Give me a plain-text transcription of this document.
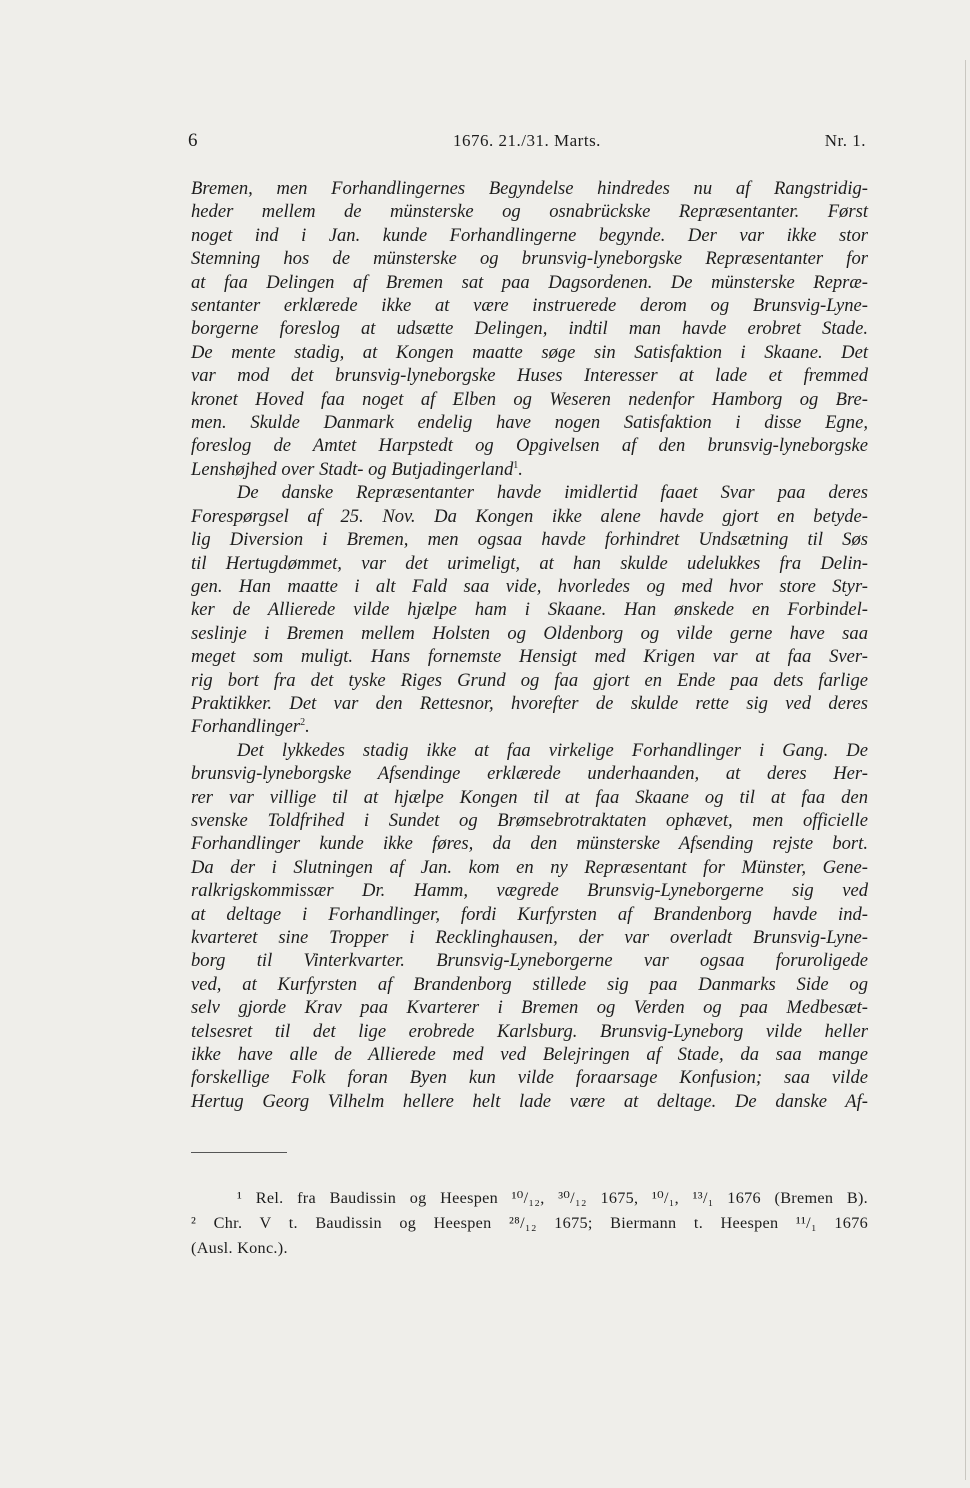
6	1676. 21./31. Marts.	Nr. 1.
Bremen, men Forhandlingernes Begyndelse hindredes nu af Rangstridig-
heder mellem de münsterske og osnabrückske Repræsentanter. Først
noget ind i Jan. kunde Forhandlingerne begynde. Der var ikke stor
Stemning hos de münsterske og brunsvig-lyneborgske Repræsentanter for
at faa Delingen af Bremen sat paa Dagsordenen. De münsterske Repræ-
sentanter erklærede ikke at være instruerede derom og Brunsvig-Lyne-
borgerne foreslog at udsætte Delingen, indtil man havde erobret Stade.
De mente stadig, at Kongen maatte søge sin Satisfaktion i Skaane. Det
var mod det brunsvig-lyneborgske Huses Interesser at lade et fremmed
kronet Hoved faa noget af Elben og Weseren nedenfor Hamborg og Bre-
men. Skulde Danmark endelig have nogen Satisfaktion i disse Egne,
foreslog de Amtet Harpstedt og Opgivelsen af den brunsvig-lyneborgske
Lenshøjhed over Stadt- og Butjadingerland$^1$.
De danske Repræsentanter havde imidlertid faaet Svar paa deres
Forespørgsel af 25. Nov. Da Kongen ikke alene havde gjort en betyde-
lig Diversion i Bremen, men ogsaa havde forhindret Undsætning til Søs
til Hertugdømmet, var det urimeligt, at han skulde udelukkes fra Delin-
gen. Han maatte i alt Fald saa vide, hvorledes og med hvor store Styr-
ker de Allierede vilde hjælpe ham i Skaane. Han ønskede en Forbindel-
seslinje i Bremen mellem Holsten og Oldenborg og vilde gerne have saa
meget som muligt. Hans fornemste Hensigt med Krigen var at faa Sver-
rig bort fra det tyske Riges Grund og faa gjort en Ende paa dets farlige
Praktikker. Det var den Rettesnor, hvorefter de skulde rette sig ved deres
Forhandlinger$^2$.
Det lykkedes stadig ikke at faa virkelige Forhandlinger i Gang. De
brunsvig-lyneborgske Afsendinge erklærede underhaanden, at deres Her-
rer var villige til at hjælpe Kongen til at faa Skaane og til at faa den
svenske Toldfrihed i Sundet og Brømsebrotraktaten ophævet, men officielle
Forhandlinger kunde ikke føres, da den münsterske Afsending rejste bort.
Da der i Slutningen af Jan. kom en ny Repræsentant for Münster, Gene-
ralkrigskommissær Dr. Hamm, vægrede Brunsvig-Lyneborgerne sig ved
at deltage i Forhandlinger, fordi Kurfyrsten af Brandenborg havde ind-
kvarteret sine Tropper i Recklinghausen, der var overladt Brunsvig-Lyne-
borg til Vinterkvarter. Brunsvig-Lyneborgerne var ogsaa foruroligede
ved, at Kurfyrsten af Brandenborg stillede sig paa Danmarks Side og
selv gjorde Krav paa Kvarterer i Bremen og Verden og paa Medbesæt-
telsesret til det lige erobrede Karlsburg. Brunsvig-Lyneborg vilde heller
ikke have alle de Allierede med ved Belejringen af Stade, da saa mange
forskellige Folk foran Byen kun vilde foraarsage Konfusion; saa vilde
Hertug Georg Vilhelm hellere helt lade være at deltage. De danske Af-
¹ Rel. fra Baudissin og Heespen ¹⁰/₁₂, ³⁰/₁₂ 1675, ¹⁰/₁, ¹³/₁ 1676 (Bremen B).
² Chr. V t. Baudissin og Heespen ²⁸/₁₂ 1675; Biermann t. Heespen ¹¹/₁ 1676
(Ausl. Konc.).
